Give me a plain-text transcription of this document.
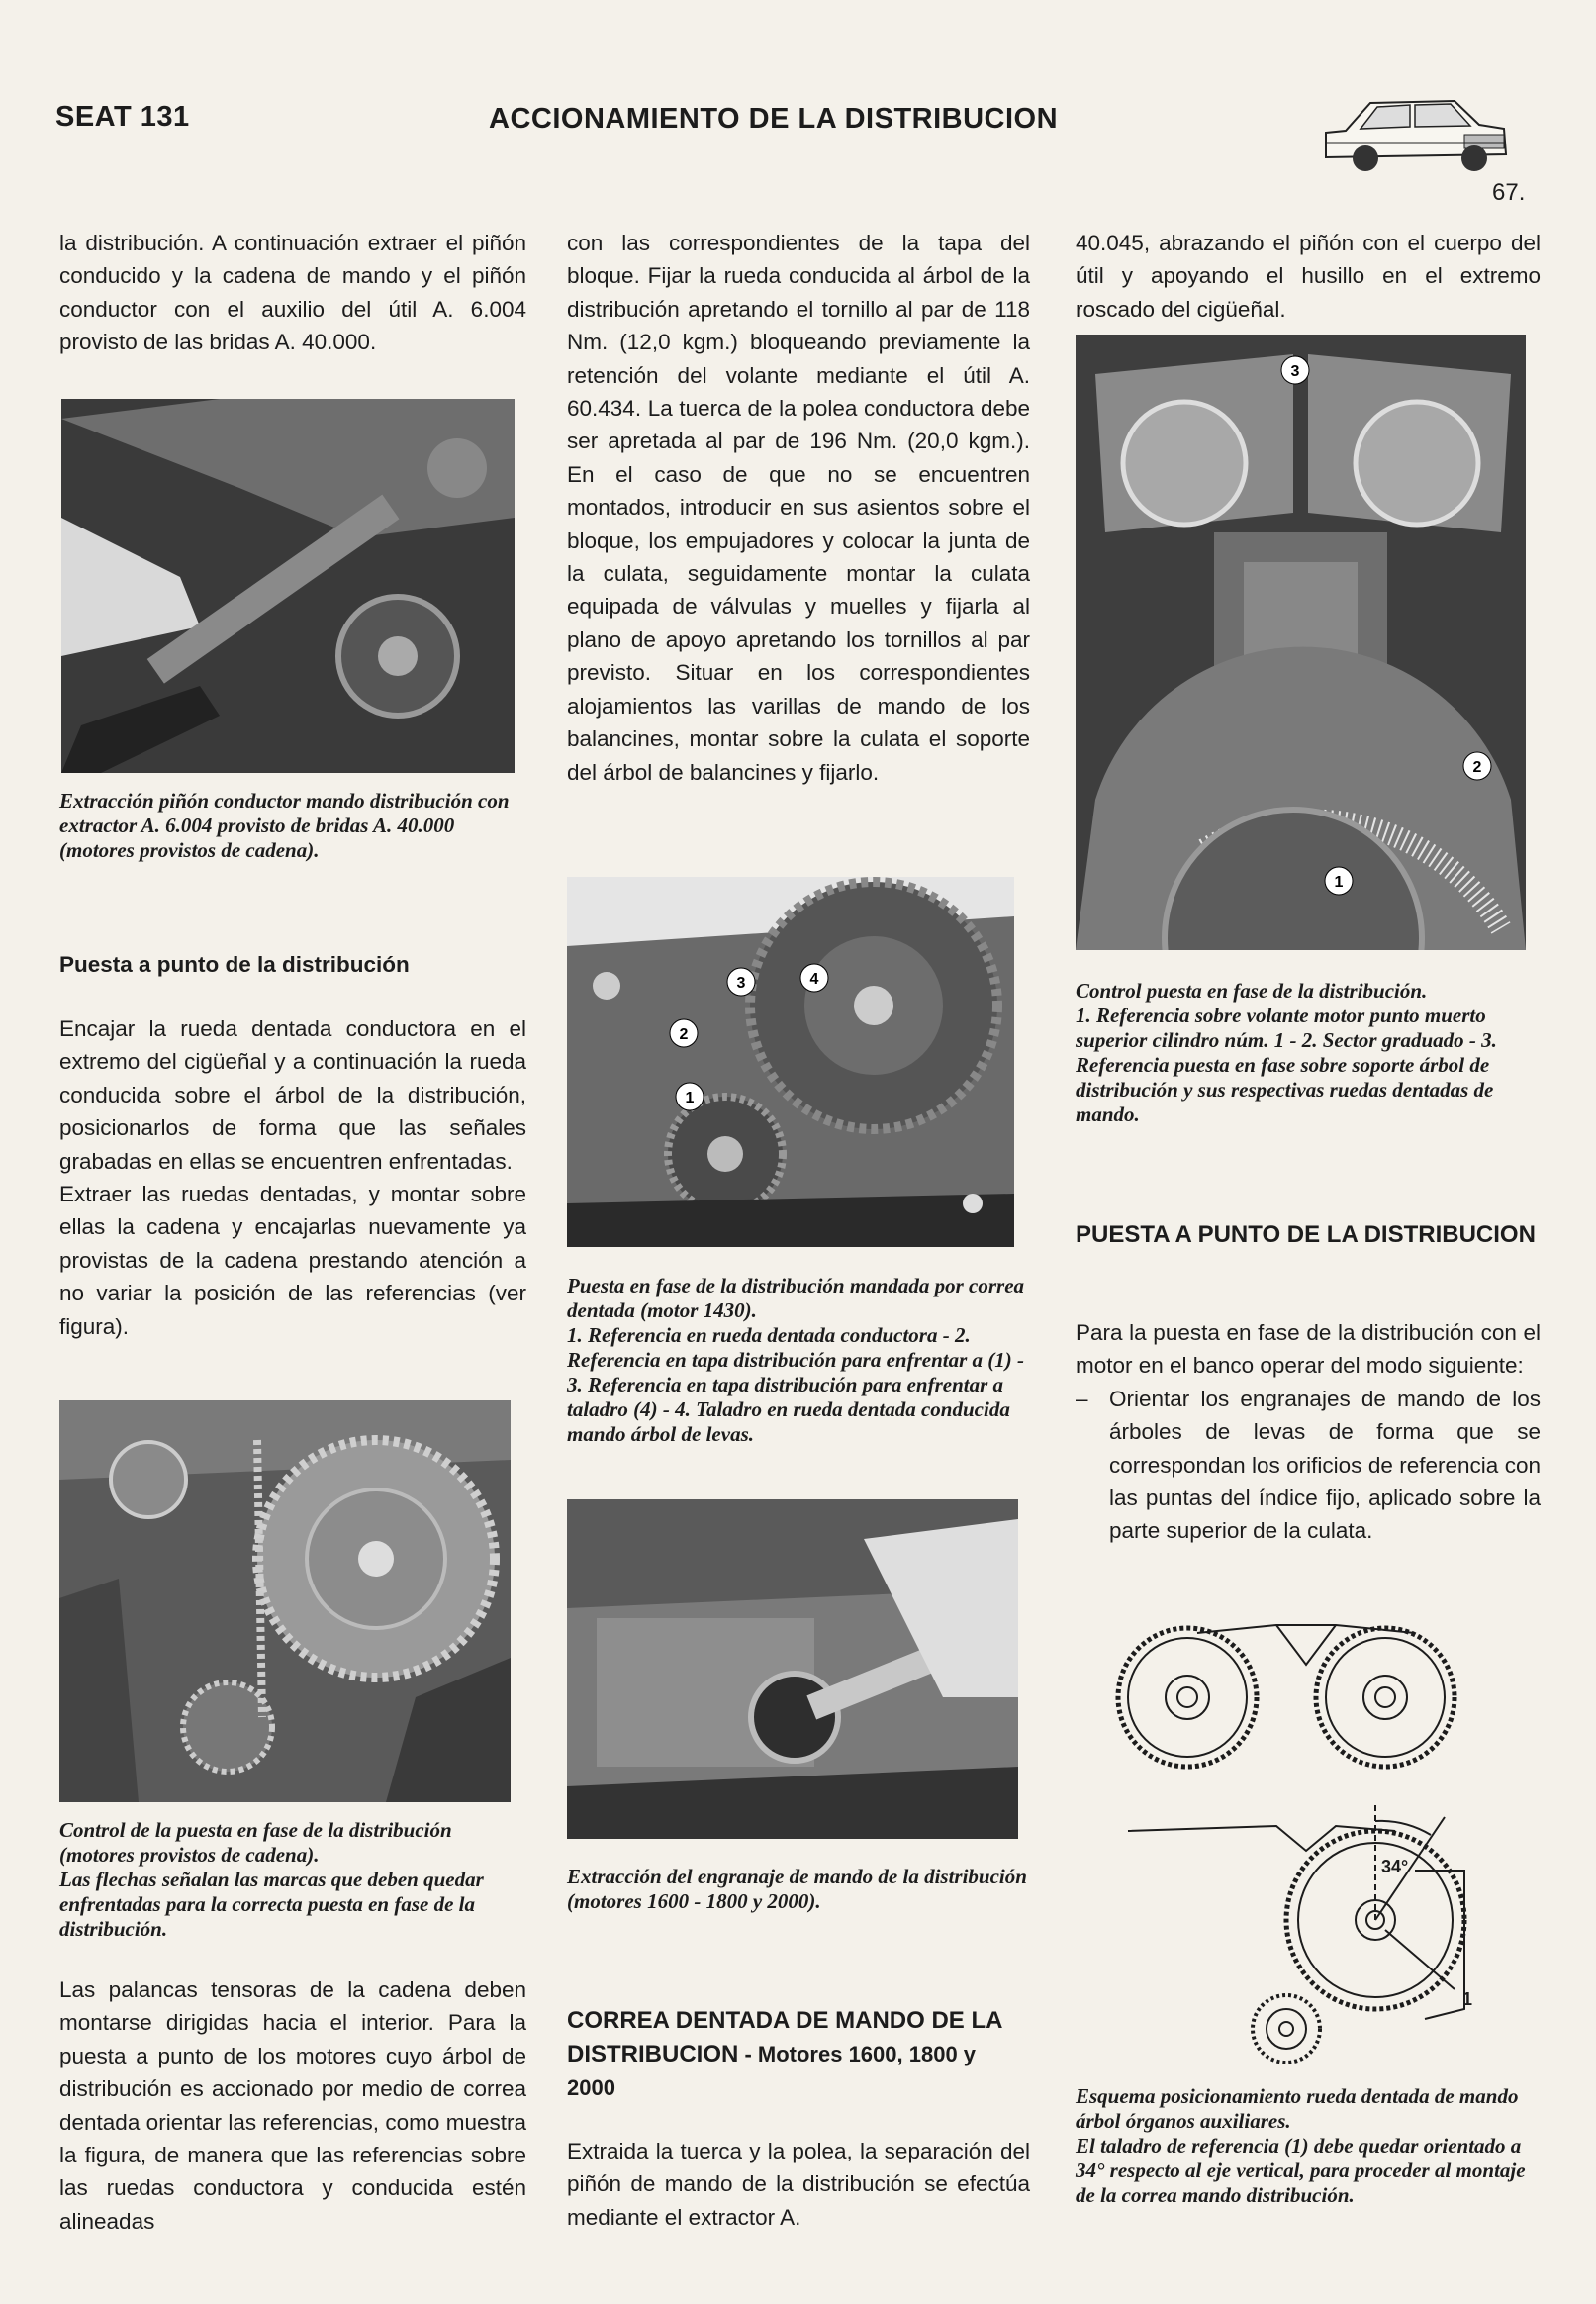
SEAT 131	ACCIONAMIENTO DE LA DISTRIBUCION
67.

la distribución. A continuación extraer el piñón conducido y la cadena de mando y el piñón conductor con el auxilio del útil A. 6.004 provisto de las bridas A. 40.000.

Extracción piñón conductor mando distribución con extractor A. 6.004 provisto de bridas A. 40.000 (motores provistos de cadena).

Puesta a punto de la distribución

Encajar la rueda dentada conductora en el extremo del cigüeñal y a continuación la rueda conducida sobre el árbol de la distribución, posicionarlos de forma que las señales grabadas en ellas se encuentren enfrentadas.

Extraer las ruedas dentadas, y montar sobre ellas la cadena y encajarlas nuevamente ya provistas de la cadena prestando atención a no variar la posición de las referencias (ver figura).

Control de la puesta en fase de la distribución (motores provistos de cadena).

Las flechas señalan las marcas que deben quedar enfrentadas para la correcta puesta en fase de la distribución.

Las palancas tensoras de la cadena deben montarse dirigidas hacia el interior. Para la puesta a punto de los motores cuyo árbol de distribución es accionado por medio de correa dentada orientar las referencias, como muestra la figura, de manera que las referencias sobre las ruedas conductora y conducida estén alineadas

con las correspondientes de la tapa del bloque. Fijar la rueda conducida al árbol de la distribución apretando el tornillo al par de 118 Nm. (12,0 kgm.) bloqueando previamente la retención del volante mediante el útil A. 60.434. La tuerca de la polea conductora debe ser apretada al par de 196 Nm. (20,0 kgm.). En el caso de que no se encuentren montados, introducir en sus asientos sobre el bloque, los empujadores y colocar la junta de la culata, seguidamente montar la culata equipada de válvulas y muelles y fijarla al plano de apoyo apretando los tornillos al par previsto. Situar en los correspondientes alojamientos las varillas de mando de los balancines, montar sobre la culata el soporte del árbol de balancines y fijarlo.

2
1
3	4

Puesta en fase de la distribución mandada por correa dentada (motor 1430).

1. Referencia en rueda dentada conductora - 2. Referencia en tapa distribución para enfrentar a (1) - 3. Referencia en tapa distribución para enfrentar a taladro (4) - 4. Taladro en rueda dentada conducida mando árbol de levas.

Extracción del engranaje de mando de la distribución (motores 1600 - 1800 y 2000).

CORREA DENTADA DE MANDO DE LA DISTRIBUCION - Motores 1600, 1800 y 2000

Extraida la tuerca y la polea, la separación del piñón de mando de la distribución se efectúa mediante el extractor A.

40.045, abrazando el piñón con el cuerpo del útil y apoyando el husillo en el extremo roscado del cigüeñal.

3
2
1

Control puesta en fase de la distribución.

1. Referencia sobre volante motor punto muerto superior cilindro núm. 1 - 2. Sector graduado - 3. Referencia puesta en fase sobre soporte árbol de distribución y sus respectivas ruedas dentadas de mando.

PUESTA A PUNTO DE LA DISTRIBUCION

Para la puesta en fase de la distribución con el motor en el banco operar del modo siguiente:

– Orientar los engranajes de mando de los árboles de levas de forma que se correspondan los orificios de referencia con las puntas del índice fijo, aplicado sobre la parte superior de la culata.

34°
1

Esquema posicionamiento rueda dentada de mando árbol órganos auxiliares.

El taladro de referencia (1) debe quedar orientado a 34° respecto al eje vertical, para proceder al montaje de la correa mando distribución.
